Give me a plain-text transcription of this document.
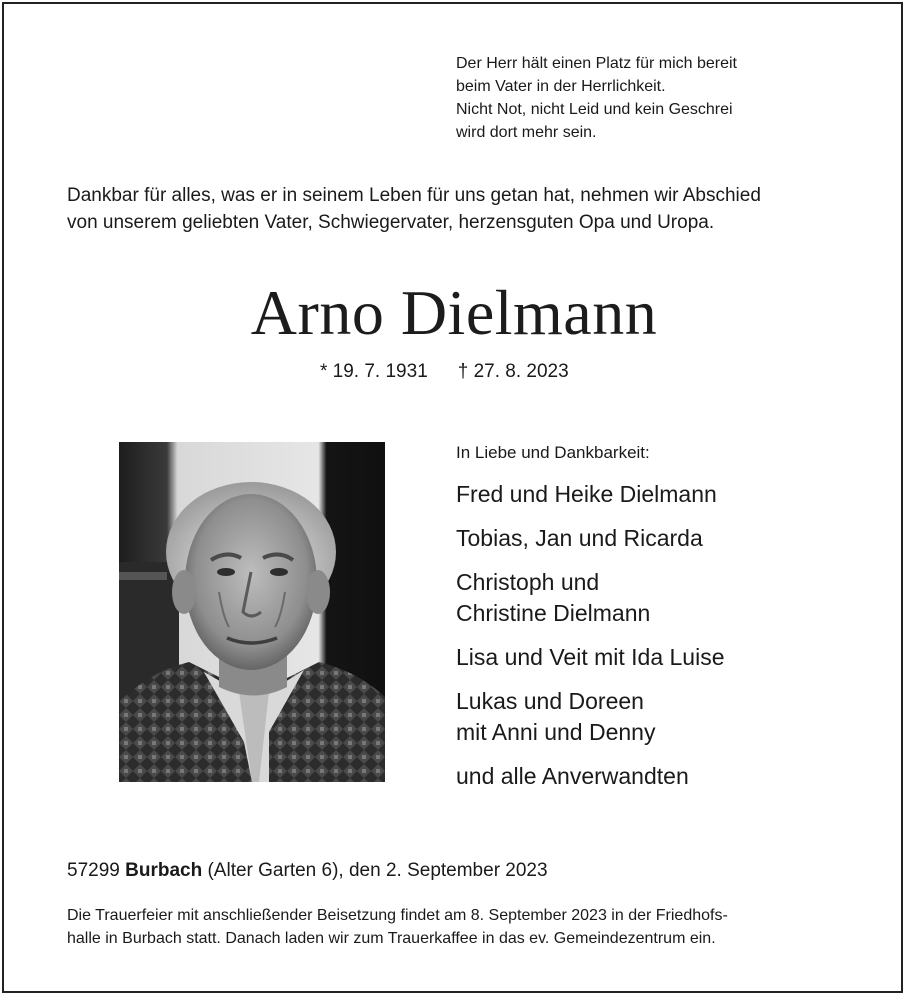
Der Herr hält einen Platz für mich bereit
beim Vater in der Herrlichkeit.
Nicht Not, nicht Leid und kein Geschrei
wird dort mehr sein.
Dankbar für alles, was er in seinem Leben für uns getan hat, nehmen wir Abschied
von unserem geliebten Vater, Schwiegervater, herzensguten Opa und Uropa.
Arno Dielmann
* 19. 7. 1931 † 27. 8. 2023
In Liebe und Dankbarkeit:
Fred und Heike Dielmann
Tobias, Jan und Ricarda
Christoph und
Christine Dielmann
Lisa und Veit mit Ida Luise
Lukas und Doreen
mit Anni und Denny
und alle Anverwandten
57299 Burbach (Alter Garten 6), den 2. September 2023
Die Trauerfeier mit anschließender Beisetzung findet am 8. September 2023 in der Friedhofs-
halle in Burbach statt. Danach laden wir zum Trauerkaffee in das ev. Gemeindezentrum ein.
